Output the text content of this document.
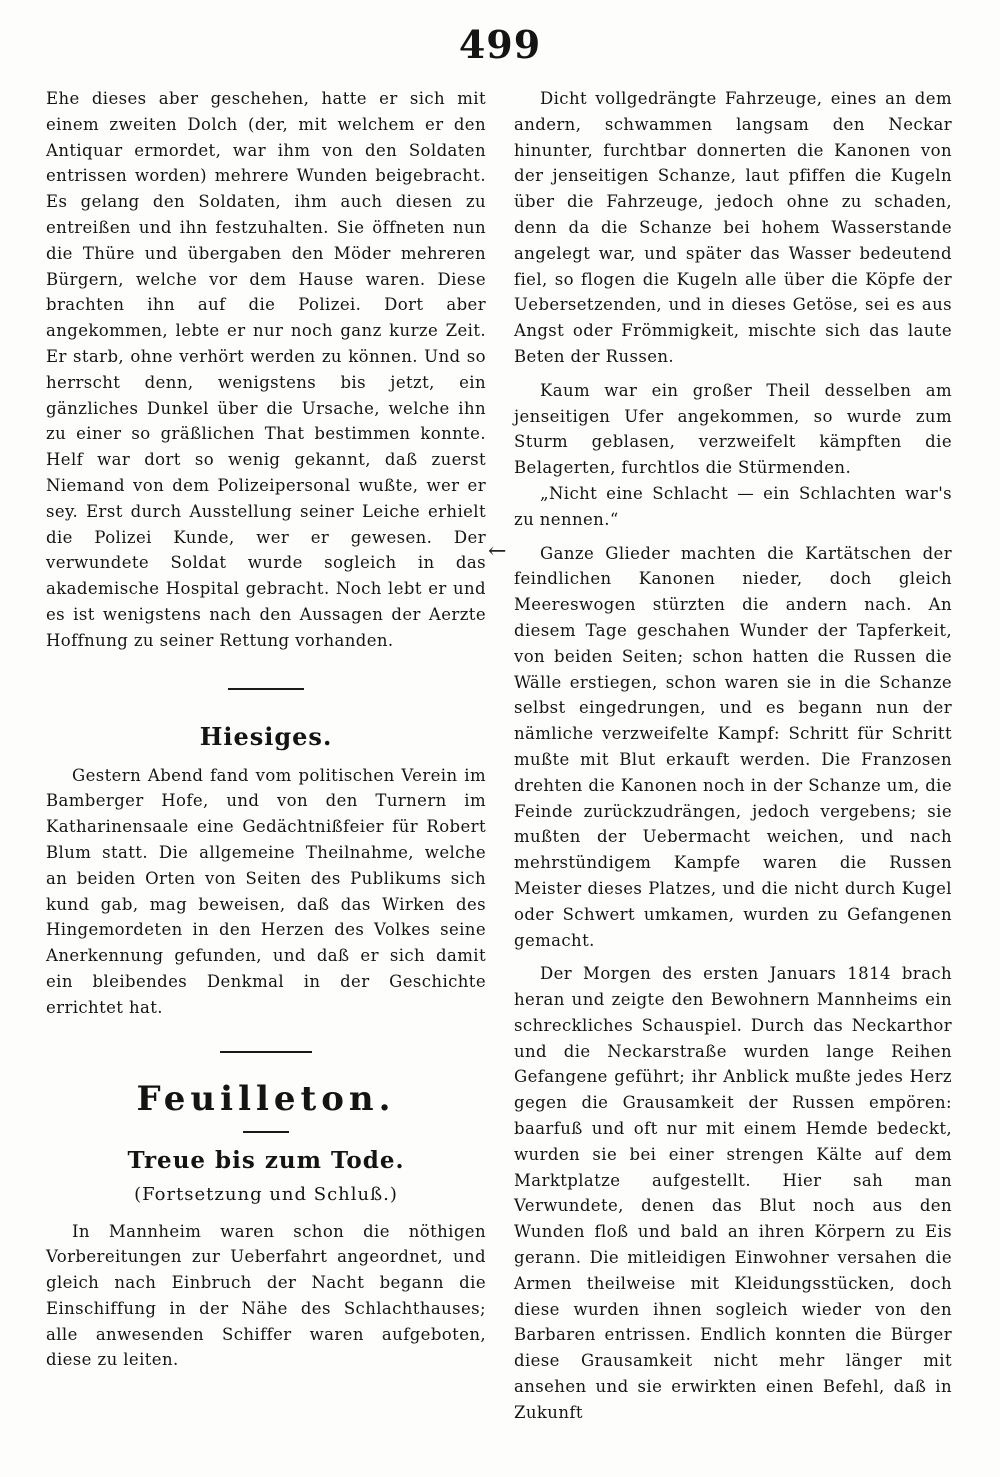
499

Ehe dieses aber geschehen, hatte er sich mit einem zweiten Dolch (der, mit welchem er den Antiquar ermordet, war ihm von den Soldaten entrissen worden) mehrere Wunden beigebracht. Es gelang den Soldaten, ihm auch diesen zu entreißen und ihn festzuhalten. Sie öffneten nun die Thüre und übergaben den Möder mehreren Bürgern, welche vor dem Hause waren. Diese brachten ihn auf die Polizei. Dort aber angekommen, lebte er nur noch ganz kurze Zeit. Er starb, ohne verhört werden zu können. Und so herrscht denn, wenigstens bis jetzt, ein gänzliches Dunkel über die Ursache, welche ihn zu einer so gräßlichen That bestimmen konnte. Helf war dort so wenig gekannt, daß zuerst Niemand von dem Polizeipersonal wußte, wer er sey. Erst durch Ausstellung seiner Leiche erhielt die Polizei Kunde, wer er gewesen. Der verwundete Soldat wurde sogleich in das akademische Hospital gebracht. Noch lebt er und es ist wenigstens nach den Aussagen der Aerzte Hoffnung zu seiner Rettung vorhanden.

Hiesiges.

Gestern Abend fand vom politischen Verein im Bamberger Hofe, und von den Turnern im Katharinensaale eine Gedächtnißfeier für Robert Blum statt. Die allgemeine Theilnahme, welche an beiden Orten von Seiten des Publikums sich kund gab, mag beweisen, daß das Wirken des Hingemordeten in den Herzen des Volkes seine Anerkennung gefunden, und daß er sich damit ein bleibendes Denkmal in der Geschichte errichtet hat.

Feuilleton.

Treue bis zum Tode.

(Fortsetzung und Schluß.)

In Mannheim waren schon die nöthigen Vorbereitungen zur Ueberfahrt angeordnet, und gleich nach Einbruch der Nacht begann die Einschiffung in der Nähe des Schlachthauses; alle anwesenden Schiffer waren aufgeboten, diese zu leiten.

←

Dicht vollgedrängte Fahrzeuge, eines an dem andern, schwammen langsam den Neckar hinunter, furchtbar donnerten die Kanonen von der jenseitigen Schanze, laut pfiffen die Kugeln über die Fahrzeuge, jedoch ohne zu schaden, denn da die Schanze bei hohem Wasserstande angelegt war, und später das Wasser bedeutend fiel, so flogen die Kugeln alle über die Köpfe der Uebersetzenden, und in dieses Getöse, sei es aus Angst oder Frömmigkeit, mischte sich das laute Beten der Russen.

Kaum war ein großer Theil desselben am jenseitigen Ufer angekommen, so wurde zum Sturm geblasen, verzweifelt kämpften die Belagerten, furchtlos die Stürmenden.

„Nicht eine Schlacht — ein Schlachten war's zu nennen.“

Ganze Glieder machten die Kartätschen der feindlichen Kanonen nieder, doch gleich Meereswogen stürzten die andern nach. An diesem Tage geschahen Wunder der Tapferkeit, von beiden Seiten; schon hatten die Russen die Wälle erstiegen, schon waren sie in die Schanze selbst eingedrungen, und es begann nun der nämliche verzweifelte Kampf: Schritt für Schritt mußte mit Blut erkauft werden. Die Franzosen drehten die Kanonen noch in der Schanze um, die Feinde zurückzudrängen, jedoch vergebens; sie mußten der Uebermacht weichen, und nach mehrstündigem Kampfe waren die Russen Meister dieses Platzes, und die nicht durch Kugel oder Schwert umkamen, wurden zu Gefangenen gemacht.

Der Morgen des ersten Januars 1814 brach heran und zeigte den Bewohnern Mannheims ein schreckliches Schauspiel. Durch das Neckarthor und die Neckarstraße wurden lange Reihen Gefangene geführt; ihr Anblick mußte jedes Herz gegen die Grausamkeit der Russen empören: baarfuß und oft nur mit einem Hemde bedeckt, wurden sie bei einer strengen Kälte auf dem Marktplatze aufgestellt. Hier sah man Verwundete, denen das Blut noch aus den Wunden floß und bald an ihren Körpern zu Eis gerann. Die mitleidigen Einwohner versahen die Armen theilweise mit Kleidungsstücken, doch diese wurden ihnen sogleich wieder von den Barbaren entrissen. Endlich konnten die Bürger diese Grausamkeit nicht mehr länger mit ansehen und sie erwirkten einen Befehl, daß in Zukunft
